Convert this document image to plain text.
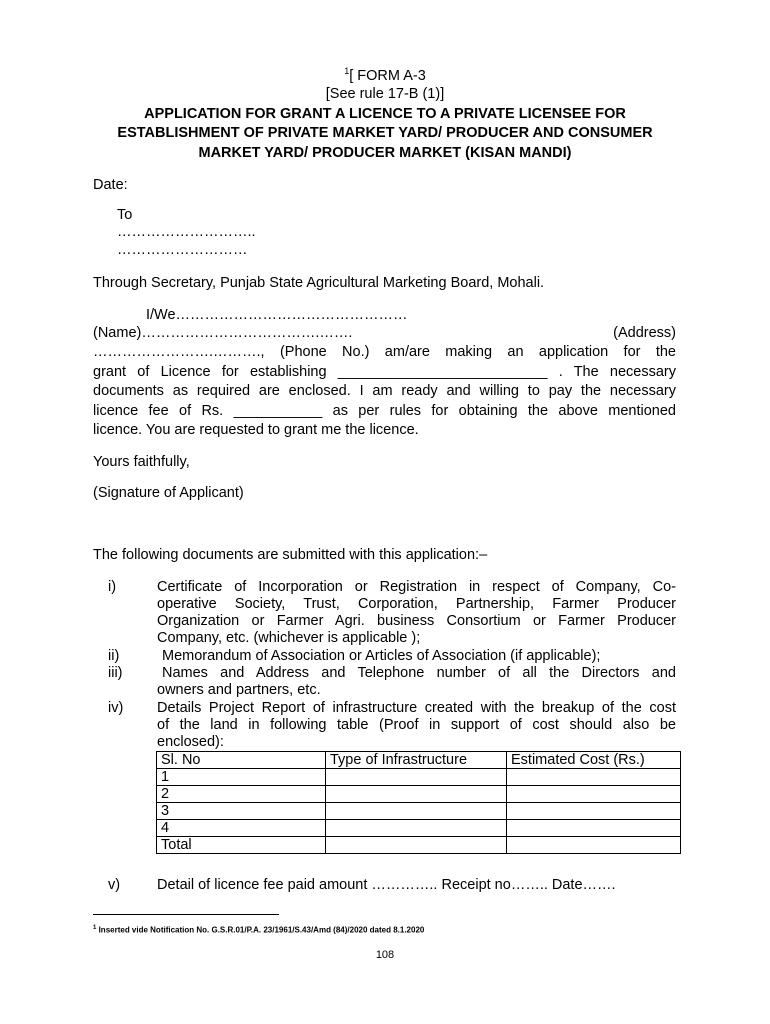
$^1$[ FORM A-3
[See rule 17-B (1)]
APPLICATION FOR GRANT A LICENCE TO A PRIVATE LICENSEE FOR
ESTABLISHMENT OF PRIVATE MARKET YARD/ PRODUCER AND CONSUMER
MARKET YARD/ PRODUCER MARKET (KISAN MANDI)
Date:
To
………………………..
………………………
Through Secretary, Punjab State Agricultural Marketing Board, Mohali.
I/We…………………………………………
(Name)……………………………….……. (Address)
…………………….………., (Phone No.) am/are making an application for the
grant of Licence for establishing __________________________ . The necessary
documents as required are enclosed. I am ready and willing to pay the necessary
licence fee of Rs. ___________ as per rules for obtaining the above mentioned
licence. You are requested to grant me the licence.
Yours faithfully,
(Signature of Applicant)
The following documents are submitted with this application:–
i)	Certificate of Incorporation or Registration in respect of Company, Co-
operative Society, Trust, Corporation, Partnership, Farmer Producer
Organization or Farmer Agri. business Consortium or Farmer Producer
Company, etc. (whichever is applicable );
ii)	Memorandum of Association or Articles of Association (if applicable);
iii)	Names and Address and Telephone number of all the Directors and
owners and partners, etc.
iv) Details Project Report of infrastructure created with the breakup of the cost
of the land in following table (Proof in support of cost should also be
enclosed):
Sl. No	Type of Infrastructure	Estimated Cost (Rs.)
1		
2		
3		
4		
Total		
v)	Detail of licence fee paid amount ………….. Receipt no…….. Date…….
$^1$ Inserted vide Notification No. G.S.R.01/P.A. 23/1961/S.43/Amd (84)/2020 dated 8.1.2020
108
